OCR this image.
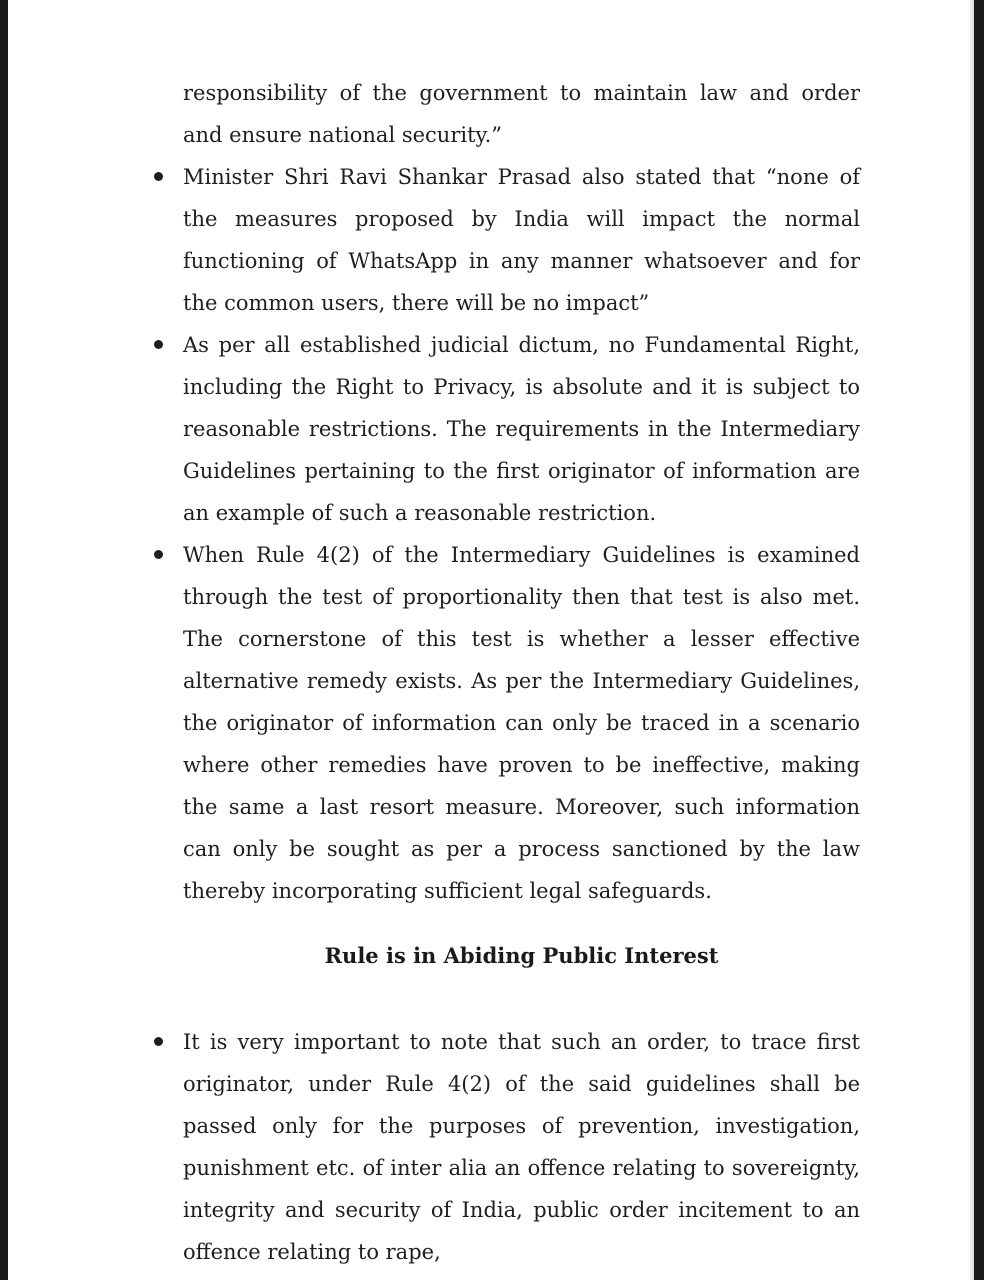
responsibility of the government to maintain law and order and ensure national security.”

Minister Shri Ravi Shankar Prasad also stated that “none of the measures proposed by India will impact the normal functioning of WhatsApp in any manner whatsoever and for the common users, there will be no impact”
As per all established judicial dictum, no Fundamental Right, including the Right to Privacy, is absolute and it is subject to reasonable restrictions. The requirements in the Intermediary Guidelines pertaining to the first originator of information are an example of such a reasonable restriction.
When Rule 4(2) of the Intermediary Guidelines is examined through the test of proportionality then that test is also met. The cornerstone of this test is whether a lesser effective alternative remedy exists. As per the Intermediary Guidelines, the originator of information can only be traced in a scenario where other remedies have proven to be ineffective, making the same a last resort measure. Moreover, such information can only be sought as per a process sanctioned by the law thereby incorporating sufficient legal safeguards.
Rule is in Abiding Public Interest
It is very important to note that such an order, to trace first originator, under Rule 4(2) of the said guidelines shall be passed only for the purposes of prevention, investigation, punishment etc. of inter alia an offence relating to sovereignty, integrity and security of India, public order incitement to an offence relating to rape,
